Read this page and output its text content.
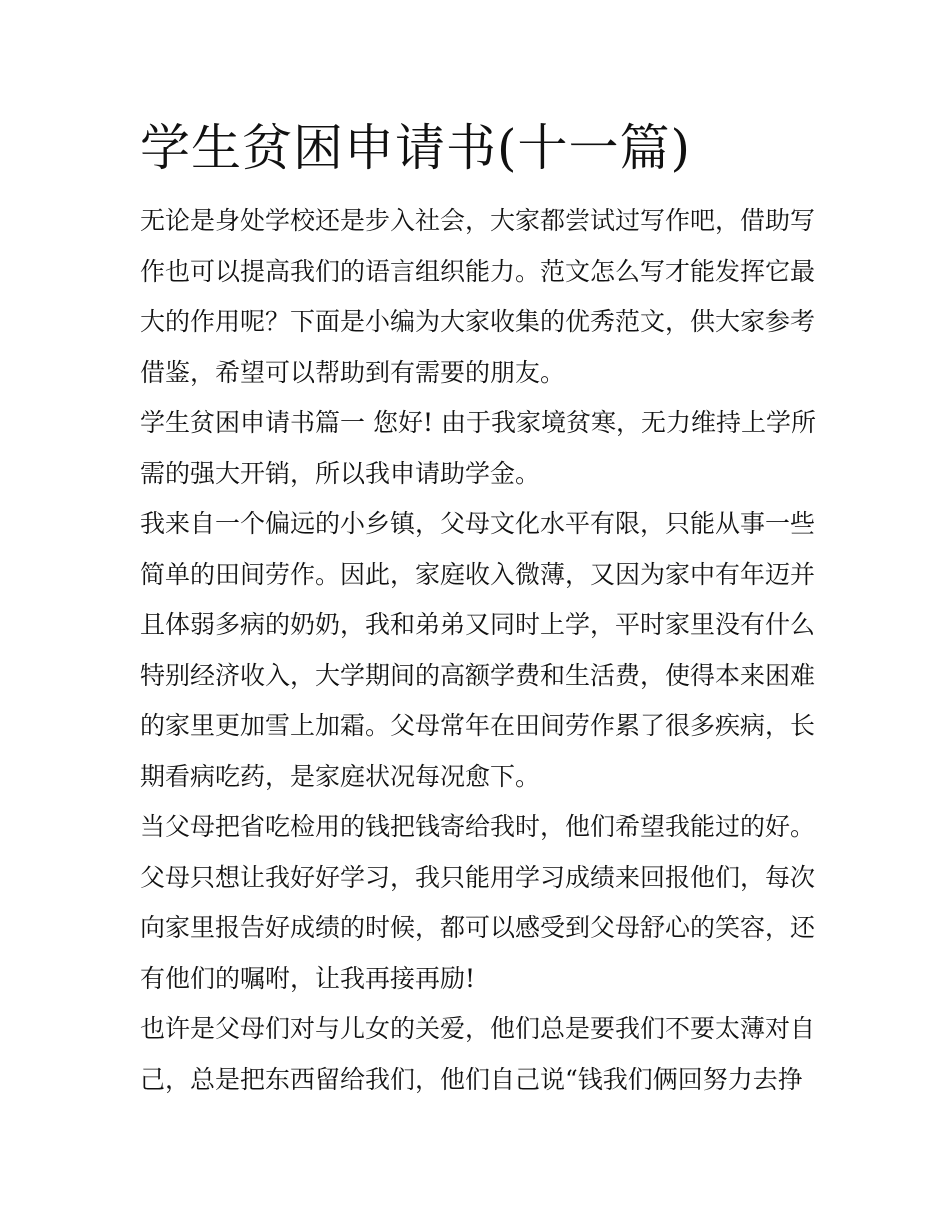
学生贫困申请书(十一篇)
无论是身处学校还是步入社会，大家都尝试过写作吧，借助写
作也可以提高我们的语言组织能力。范文怎么写才能发挥它最
大的作用呢？下面是小编为大家收集的优秀范文，供大家参考
借鉴，希望可以帮助到有需要的朋友。
学生贫困申请书篇一 您好! 由于我家境贫寒，无力维持上学所
需的强大开销，所以我申请助学金。
我来自一个偏远的小乡镇，父母文化水平有限，只能从事一些
简单的田间劳作。因此，家庭收入微薄，又因为家中有年迈并
且体弱多病的奶奶，我和弟弟又同时上学，平时家里没有什么
特别经济收入，大学期间的高额学费和生活费，使得本来困难
的家里更加雪上加霜。父母常年在田间劳作累了很多疾病，长
期看病吃药，是家庭状况每况愈下。
当父母把省吃检用的钱把钱寄给我时，他们希望我能过的好。
父母只想让我好好学习，我只能用学习成绩来回报他们，每次
向家里报告好成绩的时候，都可以感受到父母舒心的笑容，还
有他们的嘱咐，让我再接再励!
也许是父母们对与儿女的关爱，他们总是要我们不要太薄对自
己，总是把东西留给我们，他们自己说“钱我们俩回努力去挣
